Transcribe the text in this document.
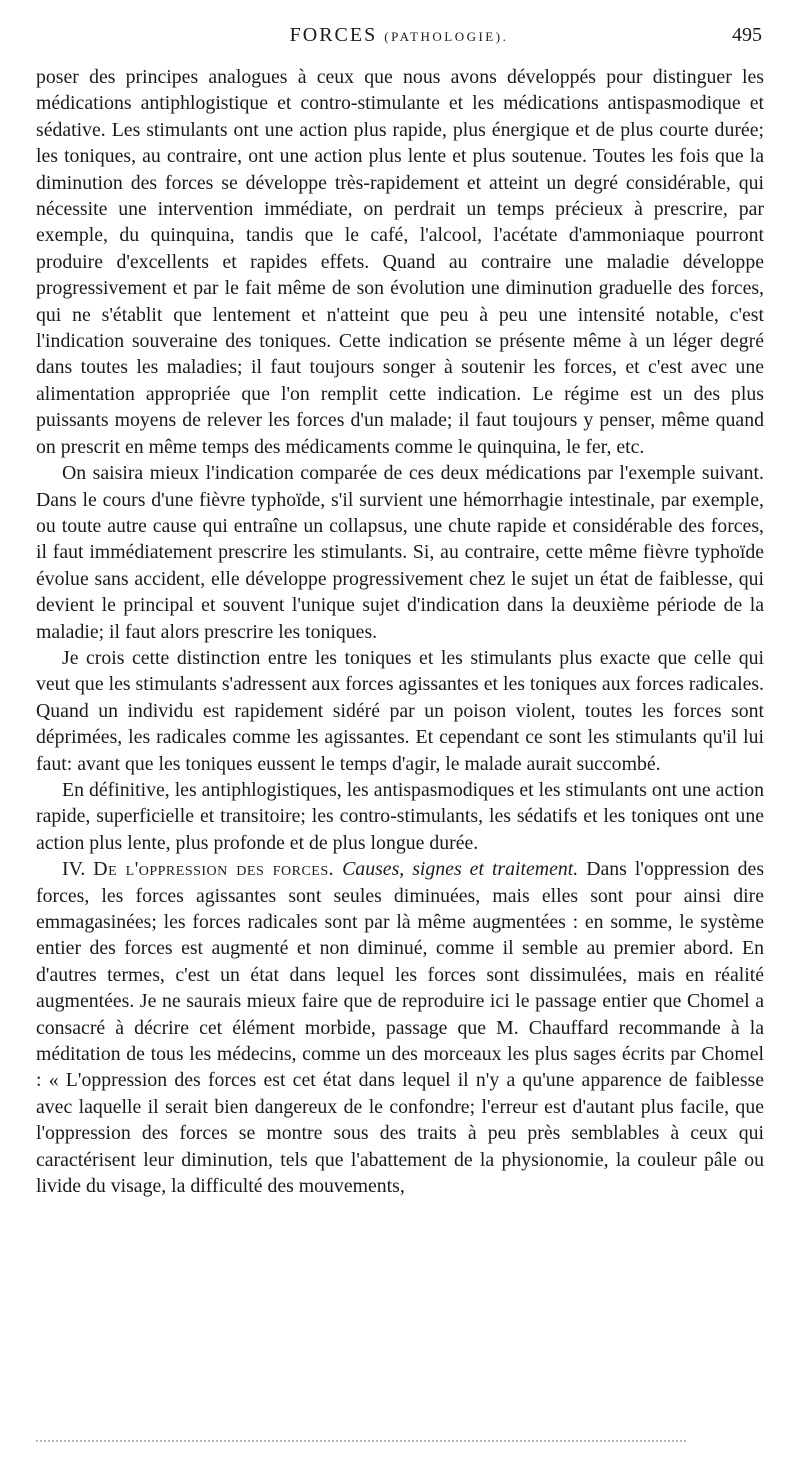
FORCES (PATHOLOGIE).	495

poser des principes analogues à ceux que nous avons développés pour distinguer les médications antiphlogistique et contro-stimulante et les médications antispasmodique et sédative. Les stimulants ont une action plus rapide, plus énergique et de plus courte durée; les toniques, au contraire, ont une action plus lente et plus soutenue. Toutes les fois que la diminution des forces se développe très-rapidement et atteint un degré considérable, qui nécessite une intervention immédiate, on perdrait un temps précieux à prescrire, par exemple, du quinquina, tandis que le café, l'alcool, l'acétate d'ammoniaque pourront produire d'excellents et rapides effets. Quand au contraire une maladie développe progressivement et par le fait même de son évolution une diminution graduelle des forces, qui ne s'établit que lentement et n'atteint que peu à peu une intensité notable, c'est l'indication souveraine des toniques. Cette indication se présente même à un léger degré dans toutes les maladies; il faut toujours songer à soutenir les forces, et c'est avec une alimentation appropriée que l'on remplit cette indication. Le régime est un des plus puissants moyens de relever les forces d'un malade; il faut toujours y penser, même quand on prescrit en même temps des médicaments comme le quinquina, le fer, etc.

On saisira mieux l'indication comparée de ces deux médications par l'exemple suivant. Dans le cours d'une fièvre typhoïde, s'il survient une hémorrhagie intestinale, par exemple, ou toute autre cause qui entraîne un collapsus, une chute rapide et considérable des forces, il faut immédiatement prescrire les stimulants. Si, au contraire, cette même fièvre typhoïde évolue sans accident, elle développe progressivement chez le sujet un état de faiblesse, qui devient le principal et souvent l'unique sujet d'indication dans la deuxième période de la maladie; il faut alors prescrire les toniques.

Je crois cette distinction entre les toniques et les stimulants plus exacte que celle qui veut que les stimulants s'adressent aux forces agissantes et les toniques aux forces radicales. Quand un individu est rapidement sidéré par un poison violent, toutes les forces sont déprimées, les radicales comme les agissantes. Et cependant ce sont les stimulants qu'il lui faut: avant que les toniques eussent le temps d'agir, le malade aurait succombé.

En définitive, les antiphlogistiques, les antispasmodiques et les stimulants ont une action rapide, superficielle et transitoire; les contro-stimulants, les sédatifs et les toniques ont une action plus lente, plus profonde et de plus longue durée.

IV. De l'oppression des forces. Causes, signes et traitement. Dans l'oppression des forces, les forces agissantes sont seules diminuées, mais elles sont pour ainsi dire emmagasinées; les forces radicales sont par là même augmentées : en somme, le système entier des forces est augmenté et non diminué, comme il semble au premier abord. En d'autres termes, c'est un état dans lequel les forces sont dissimulées, mais en réalité augmentées. Je ne saurais mieux faire que de reproduire ici le passage entier que Chomel a consacré à décrire cet élément morbide, passage que M. Chauffard recommande à la méditation de tous les médecins, comme un des morceaux les plus sages écrits par Chomel : « L'oppression des forces est cet état dans lequel il n'y a qu'une apparence de faiblesse avec laquelle il serait bien dangereux de le confondre; l'erreur est d'autant plus facile, que l'oppression des forces se montre sous des traits à peu près semblables à ceux qui caractérisent leur diminution, tels que l'abattement de la physionomie, la couleur pâle ou livide du visage, la difficulté des mouvements,
